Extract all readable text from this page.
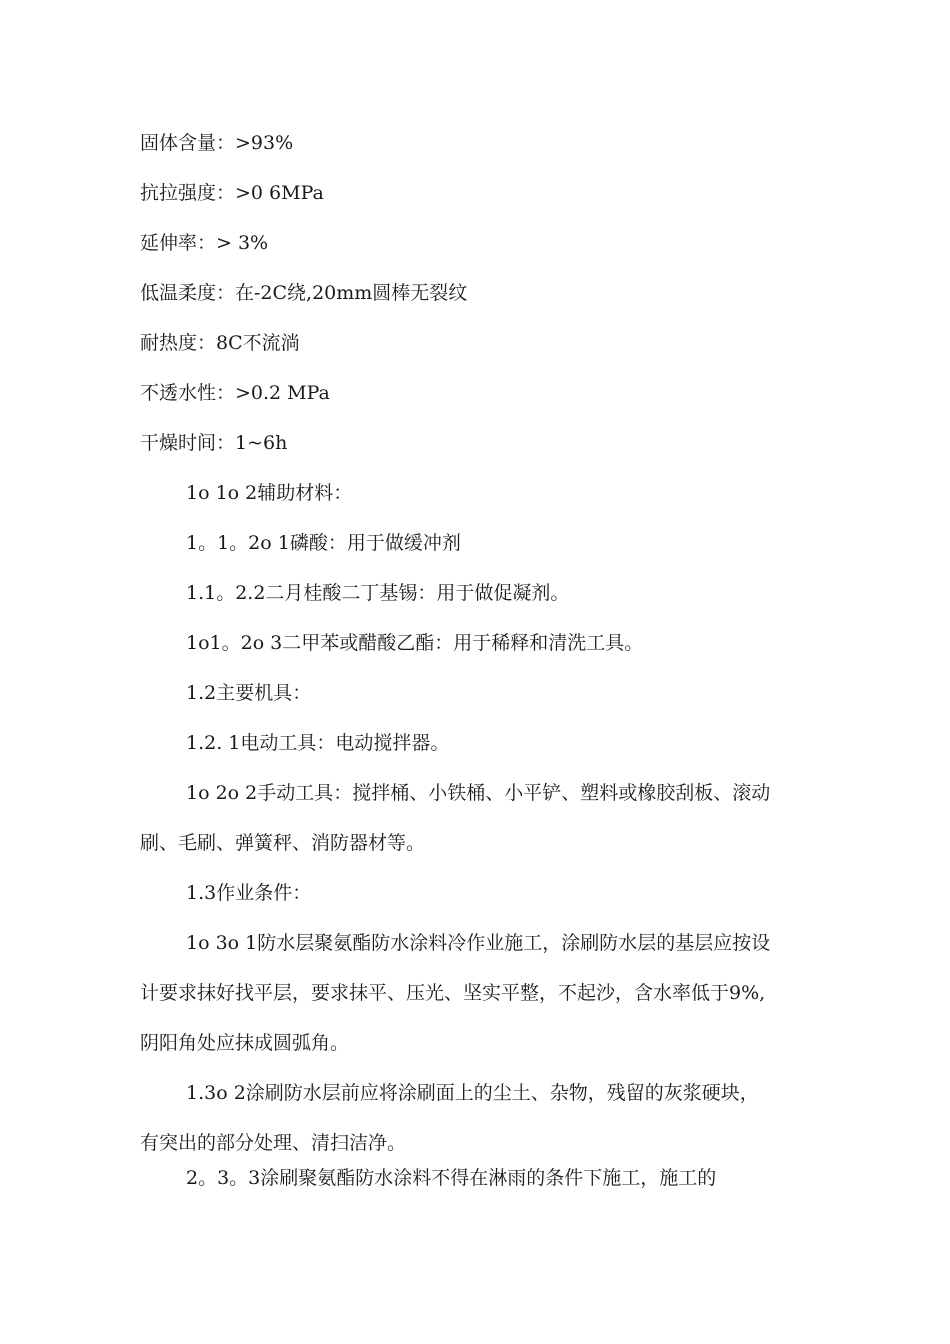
固体含量：>93%
抗拉强度：>0 6MPa
延伸率：> 3%
低温柔度：在-2C绕,20mm圆棒无裂纹
耐热度：8C不流淌
不透水性：>0.2 MPa
干燥时间：1~6h
1o 1o 2辅助材料：
1。1。2o 1磷酸：用于做缓冲剂
1.1。2.2二月桂酸二丁基锡：用于做促凝剂。
1o1。2o 3二甲苯或醋酸乙酯：用于稀释和清洗工具。
1.2主要机具：
1.2. 1电动工具：电动搅拌器。
1o 2o 2手动工具：搅拌桶、小铁桶、小平铲、塑料或橡胶刮板、滚动
刷、毛刷、弹簧秤、消防器材等。
1.3作业条件：
1o 3o 1防水层聚氨酯防水涂料冷作业施工，涂刷防水层的基层应按设
计要求抹好找平层，要求抹平、压光、坚实平整，不起沙，含水率低于9%,
阴阳角处应抹成圆弧角。
1.3o 2涂刷防水层前应将涂刷面上的尘土、杂物，残留的灰浆硬块，
有突出的部分处理、清扫洁净。
2。3。3涂刷聚氨酯防水涂料不得在淋雨的条件下施工，施工的
